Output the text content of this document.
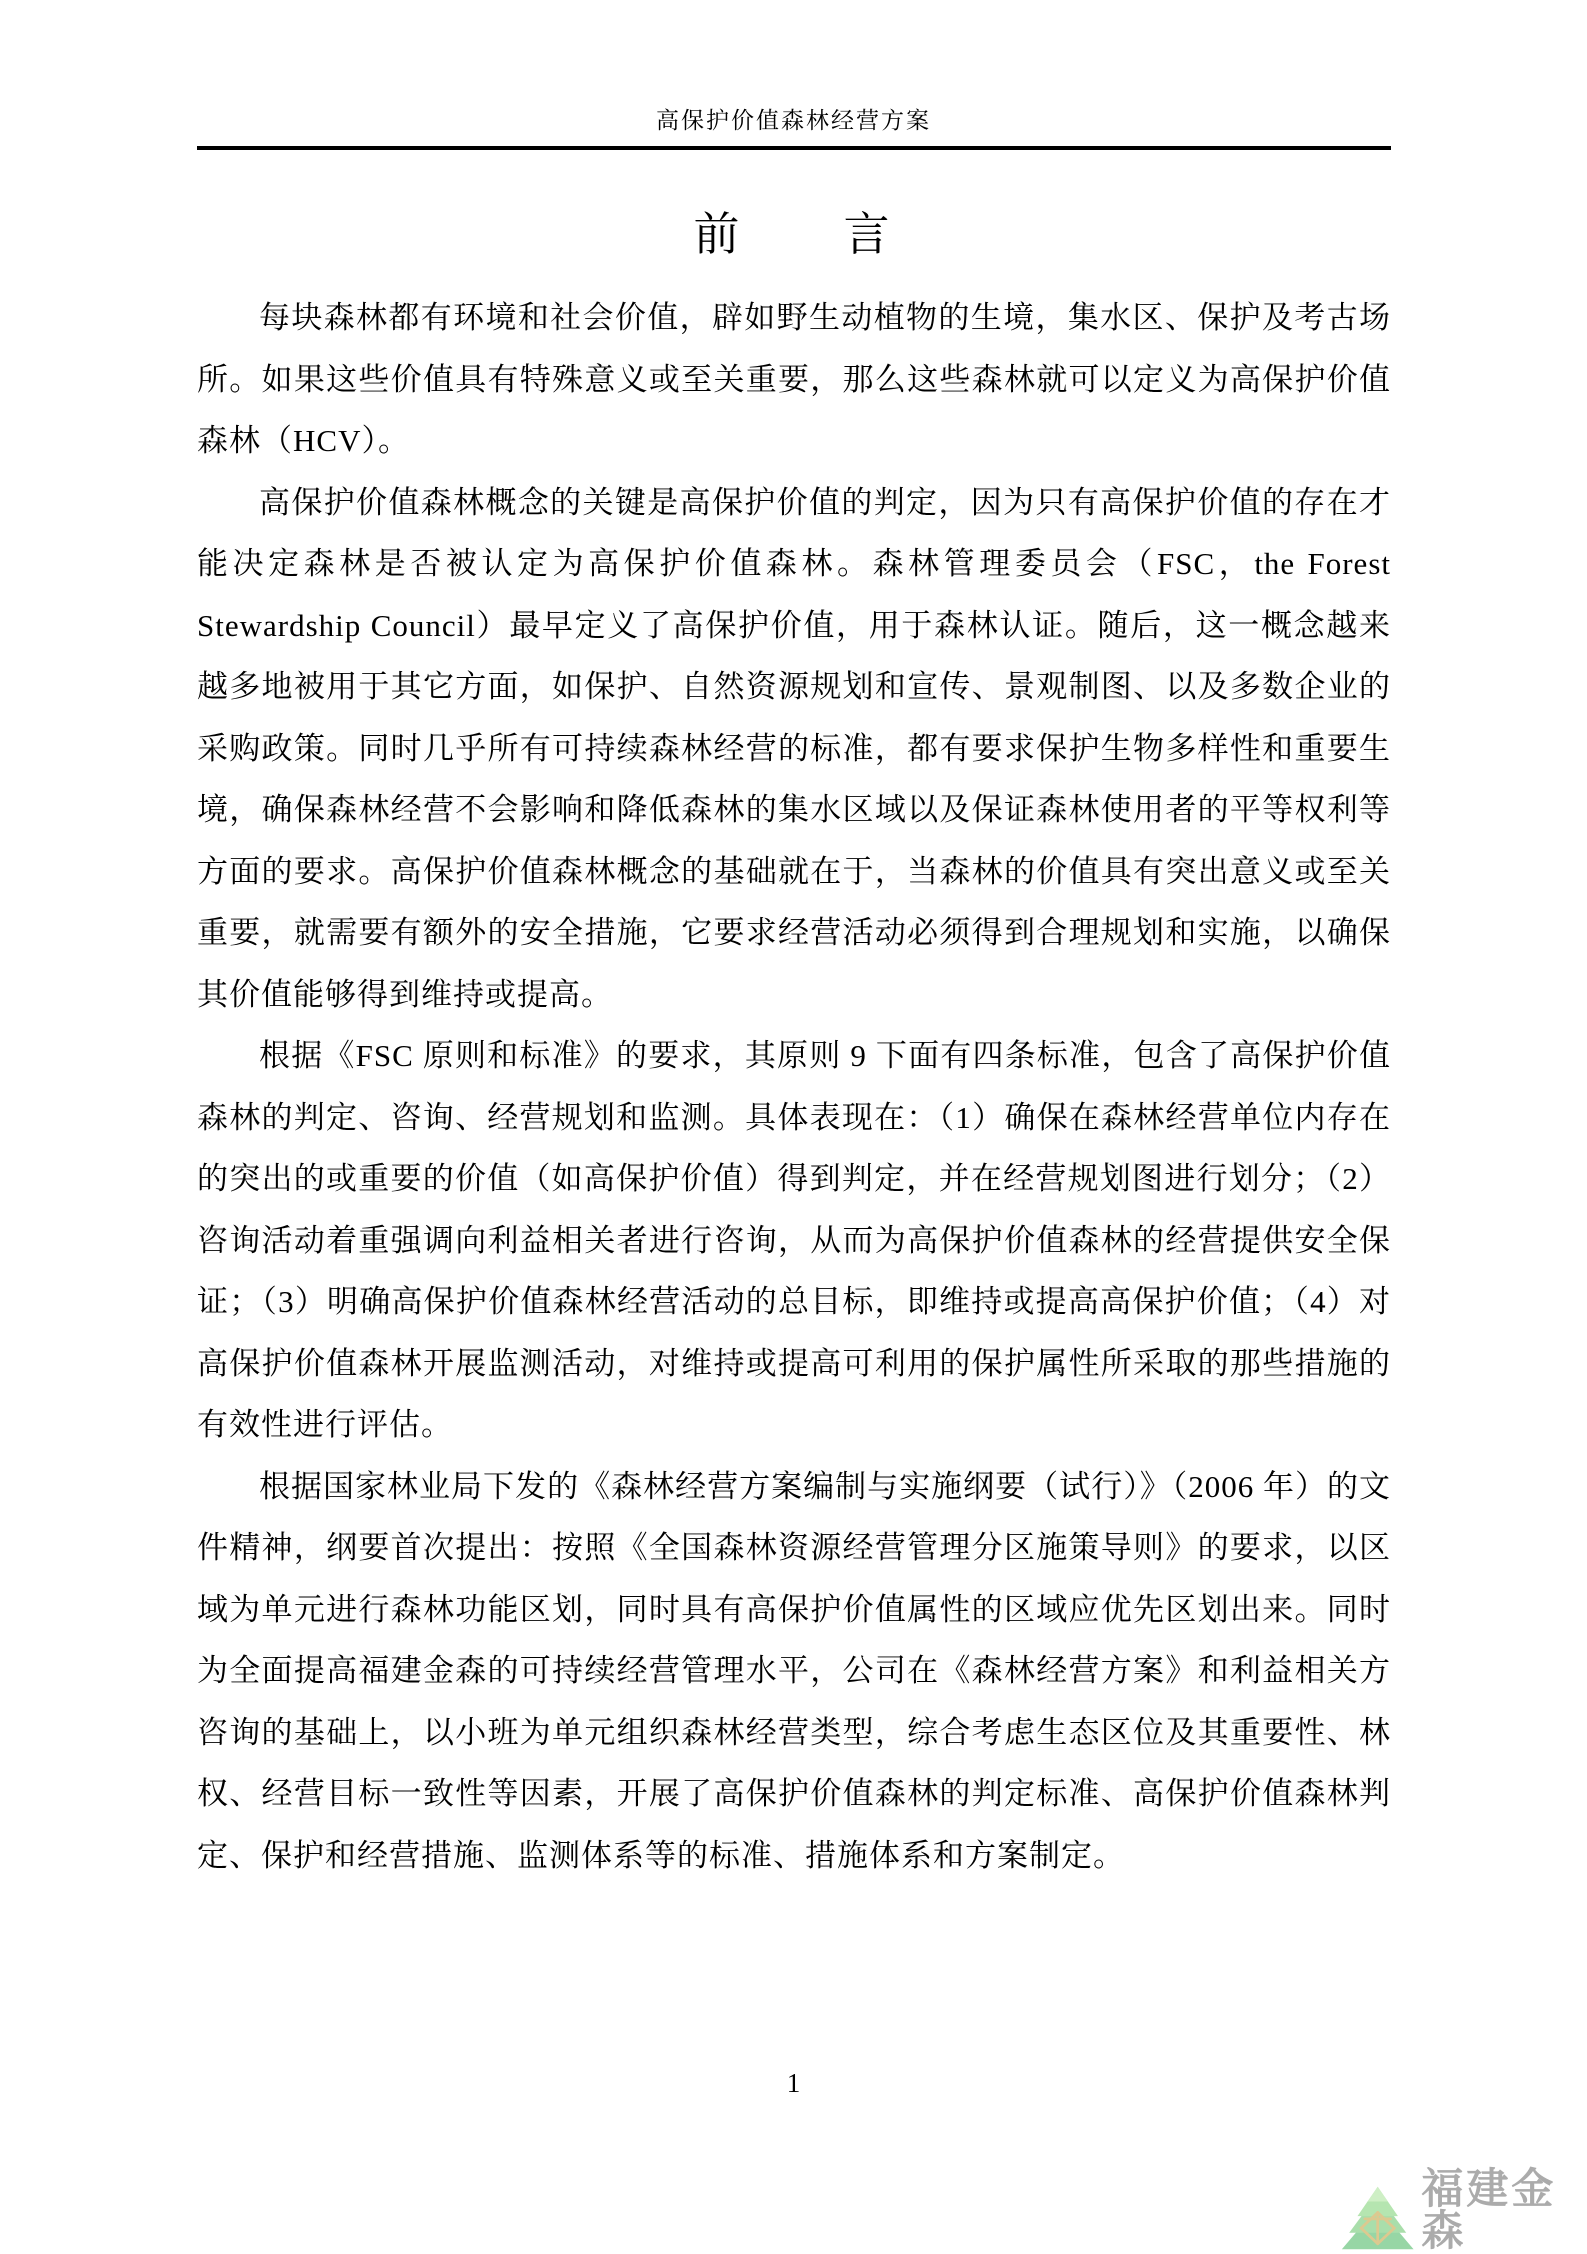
高保护价值森林经营方案
前　　言

每块森林都有环境和社会价值，辟如野生动植物的生境，集水区、保护及考古场所。如果这些价值具有特殊意义或至关重要，那么这些森林就可以定义为高保护价值森林（HCV）。

高保护价值森林概念的关键是高保护价值的判定，因为只有高保护价值的存在才能决定森林是否被认定为高保护价值森林。森林管理委员会（FSC，the Forest Stewardship Council）最早定义了高保护价值，用于森林认证。随后，这一概念越来越多地被用于其它方面，如保护、自然资源规划和宣传、景观制图、以及多数企业的采购政策。同时几乎所有可持续森林经营的标准，都有要求保护生物多样性和重要生境，确保森林经营不会影响和降低森林的集水区域以及保证森林使用者的平等权利等方面的要求。高保护价值森林概念的基础就在于，当森林的价值具有突出意义或至关重要，就需要有额外的安全措施，它要求经营活动必须得到合理规划和实施，以确保其价值能够得到维持或提高。

根据《FSC 原则和标准》的要求，其原则 9 下面有四条标准，包含了高保护价值森林的判定、咨询、经营规划和监测。具体表现在：（1）确保在森林经营单位内存在的突出的或重要的价值（如高保护价值）得到判定，并在经营规划图进行划分；（2）咨询活动着重强调向利益相关者进行咨询，从而为高保护价值森林的经营提供安全保证；（3）明确高保护价值森林经营活动的总目标，即维持或提高高保护价值；（4）对高保护价值森林开展监测活动，对维持或提高可利用的保护属性所采取的那些措施的有效性进行评估。

根据国家林业局下发的《森林经营方案编制与实施纲要（试行）》（2006 年）的文件精神，纲要首次提出：按照《全国森林资源经营管理分区施策导则》的要求，以区域为单元进行森林功能区划，同时具有高保护价值属性的区域应优先区划出来。同时为全面提高福建金森的可持续经营管理水平，公司在《森林经营方案》和利益相关方咨询的基础上，以小班为单元组织森林经营类型，综合考虑生态区位及其重要性、林权、经营目标一致性等因素，开展了高保护价值森林的判定标准、高保护价值森林判定、保护和经营措施、监测体系等的标准、措施体系和方案制定。

1
福建金森
